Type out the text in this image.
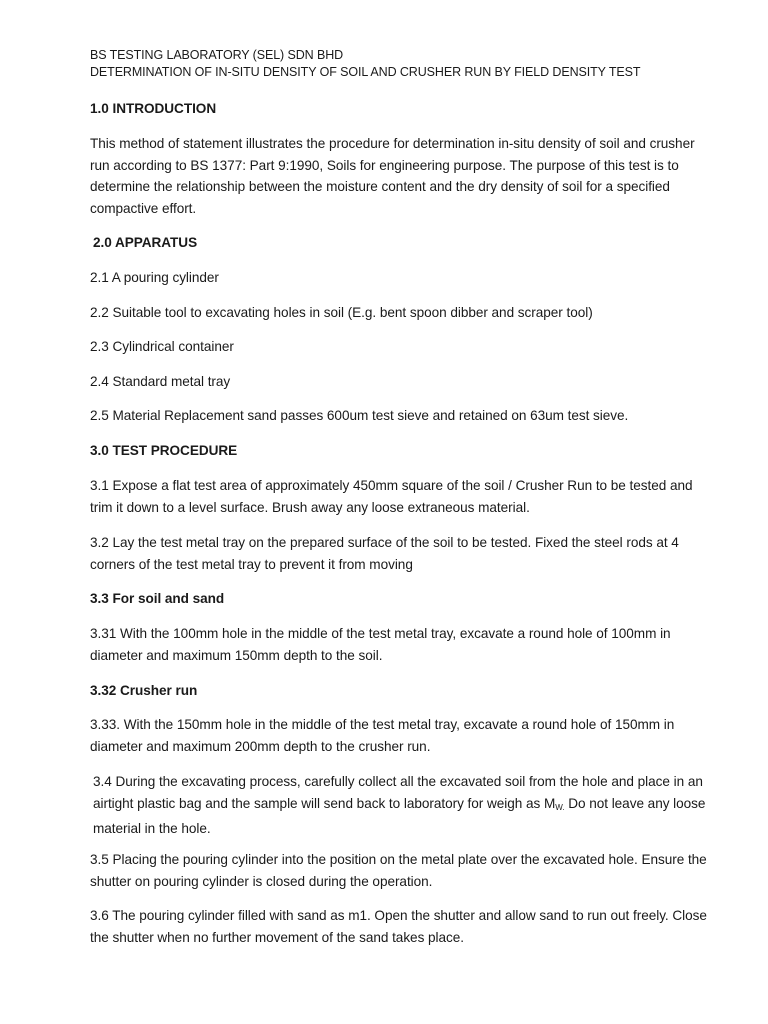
BS TESTING LABORATORY (SEL) SDN BHD
DETERMINATION OF IN-SITU DENSITY OF SOIL AND CRUSHER RUN BY FIELD DENSITY TEST

1.0 INTRODUCTION

This method of statement illustrates the procedure for determination in-situ density of soil and crusher run according to BS 1377: Part 9:1990, Soils for engineering purpose. The purpose of this test is to determine the relationship between the moisture content and the dry density of soil for a specified compactive effort.

2.0 APPARATUS

2.1 A pouring cylinder

2.2 Suitable tool to excavating holes in soil (E.g. bent spoon dibber and scraper tool)

2.3 Cylindrical container

2.4 Standard metal tray

2.5 Material Replacement sand passes 600um test sieve and retained on 63um test sieve.

3.0 TEST PROCEDURE

3.1 Expose a flat test area of approximately 450mm square of the soil / Crusher Run to be tested and trim it down to a level surface. Brush away any loose extraneous material.

3.2 Lay the test metal tray on the prepared surface of the soil to be tested. Fixed the steel rods at 4 corners of the test metal tray to prevent it from moving

3.3 For soil and sand

3.31 With the 100mm hole in the middle of the test metal tray, excavate a round hole of 100mm in diameter and maximum 150mm depth to the soil.

3.32 Crusher run

3.33. With the 150mm hole in the middle of the test metal tray, excavate a round hole of 150mm in diameter and maximum 200mm depth to the crusher run.

3.4 During the excavating process, carefully collect all the excavated soil from the hole and place in an airtight plastic bag and the sample will send back to laboratory for weigh as $M_{W.}$ Do not leave any loose material in the hole.

3.5 Placing the pouring cylinder into the position on the metal plate over the excavated hole. Ensure the shutter on pouring cylinder is closed during the operation.

3.6 The pouring cylinder filled with sand as m1. Open the shutter and allow sand to run out freely. Close the shutter when no further movement of the sand takes place.
